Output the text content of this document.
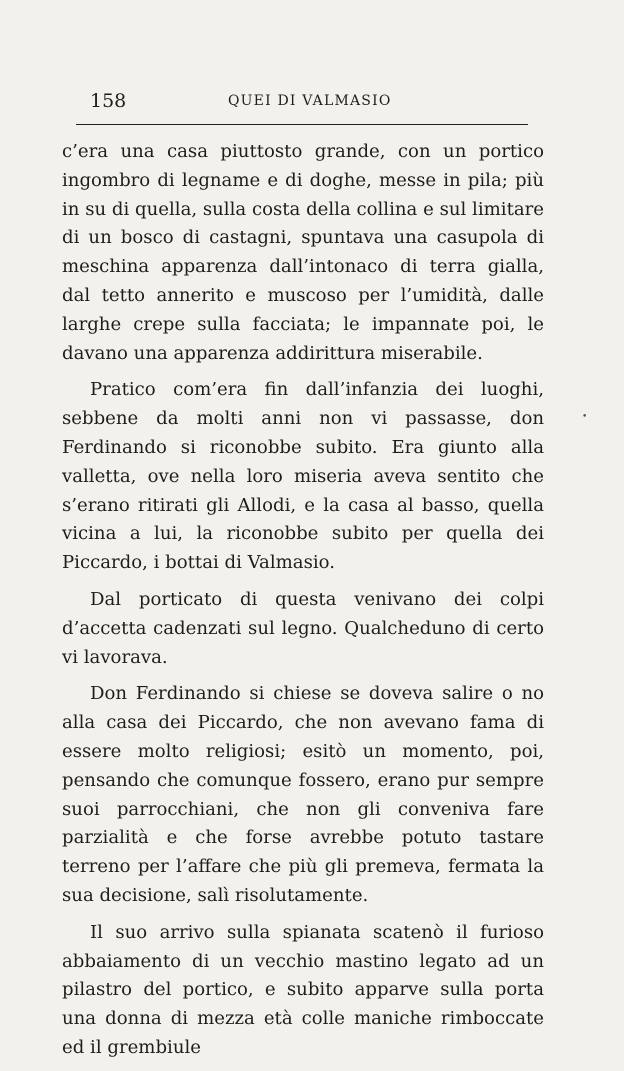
158	QUEI DI VALMASIO

c’era una casa piuttosto grande, con un portico ingombro di legname e di doghe, messe in pila; più in su di quella, sulla costa della collina e sul limitare di un bosco di castagni, spuntava una casupola di meschina apparenza dall’intonaco di terra gialla, dal tetto annerito e muscoso per l’umidità, dalle larghe crepe sulla facciata; le impannate poi, le davano una apparenza addirittura miserabile.

Pratico com’era fin dall’infanzia dei luoghi, sebbene da molti anni non vi passasse, don Ferdinando si riconobbe subito. Era giunto alla valletta, ove nella loro miseria aveva sentito che s’erano ritirati gli Allodi, e la casa al basso, quella vicina a lui, la riconobbe subito per quella dei Piccardo, i bottai di Valmasio.

Dal porticato di questa venivano dei colpi d’accetta cadenzati sul legno. Qualcheduno di certo vi lavorava.

Don Ferdinando si chiese se doveva salire o no alla casa dei Piccardo, che non avevano fama di essere molto religiosi; esitò un momento, poi, pensando che comunque fossero, erano pur sempre suoi parrocchiani, che non gli conveniva fare parzialità e che forse avrebbe potuto tastare terreno per l’affare che più gli premeva, fermata la sua decisione, salì risolutamente.

Il suo arrivo sulla spianata scatenò il furioso abbaiamento di un vecchio mastino legato ad un pilastro del portico, e subito apparve sulla porta una donna di mezza età colle maniche rimboccate ed il grembiule

•
